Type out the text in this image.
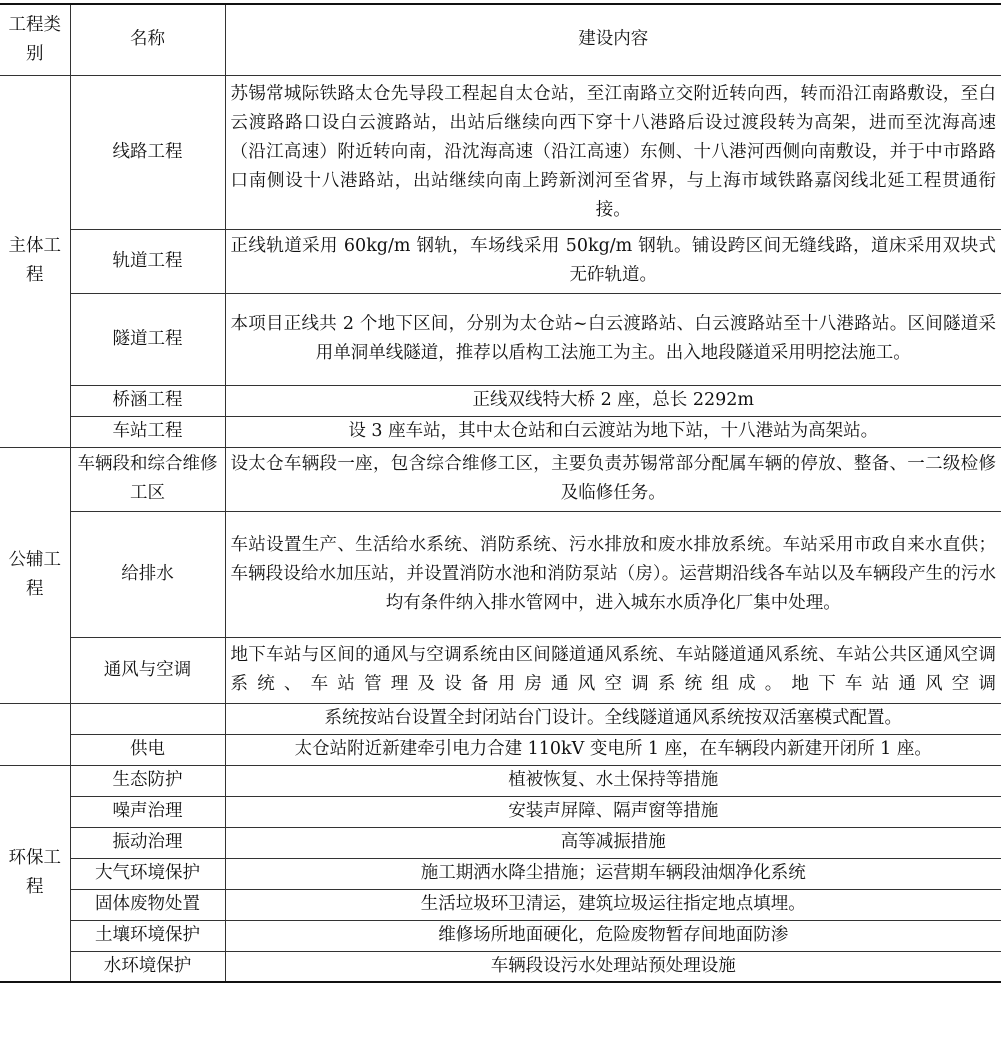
工程类别	名称	建设内容
主体工程	线路工程	苏锡常城际铁路太仓先导段工程起自太仓站，至江南路立交附近转向西，转而沿江南路敷设，至白云渡路路口设白云渡路站，出站后继续向西下穿十八港路后设过渡段转为高架，进而至沈海高速（沿江高速）附近转向南，沿沈海高速（沿江高速）东侧、十八港河西侧向南敷设，并于中市路路口南侧设十八港路站，出站继续向南上跨新浏河至省界，与上海市域铁路嘉闵线北延工程贯通衔接。
	轨道工程	正线轨道采用 60kg/m 钢轨，车场线采用 50kg/m 钢轨。铺设跨区间无缝线路，道床采用双块式无砟轨道。
	隧道工程	本项目正线共 2 个地下区间，分别为太仓站~白云渡路站、白云渡路站至十八港路站。区间隧道采用单洞单线隧道，推荐以盾构工法施工为主。出入地段隧道采用明挖法施工。
	桥涵工程	正线双线特大桥 2 座，总长 2292m
	车站工程	设 3 座车站，其中太仓站和白云渡站为地下站，十八港站为高架站。
公辅工程	车辆段和综合维修工区	设太仓车辆段一座，包含综合维修工区，主要负责苏锡常部分配属车辆的停放、整备、一二级检修及临修任务。
	给排水	车站设置生产、生活给水系统、消防系统、污水排放和废水排放系统。车站采用市政自来水直供；车辆段设给水加压站，并设置消防水池和消防泵站（房）。运营期沿线各车站以及车辆段产生的污水均有条件纳入排水管网中，进入城东水质净化厂集中处理。
	通风与空调	地下车站与区间的通风与空调系统由区间隧道通风系统、车站隧道通风系统、车站公共区通风空调系统、车站管理及设备用房通风空调系统组成。地下车站通风空调
		系统按站台设置全封闭站台门设计。全线隧道通风系统按双活塞模式配置。
	供电	太仓站附近新建牵引电力合建 110kV 变电所 1 座，在车辆段内新建开闭所 1 座。
环保工程	生态防护	植被恢复、水土保持等措施
	噪声治理	安装声屏障、隔声窗等措施
	振动治理	高等减振措施
	大气环境保护	施工期洒水降尘措施；运营期车辆段油烟净化系统
	固体废物处置	生活垃圾环卫清运，建筑垃圾运往指定地点填埋。
	土壤环境保护	维修场所地面硬化，危险废物暂存间地面防渗
	水环境保护	车辆段设污水处理站预处理设施
